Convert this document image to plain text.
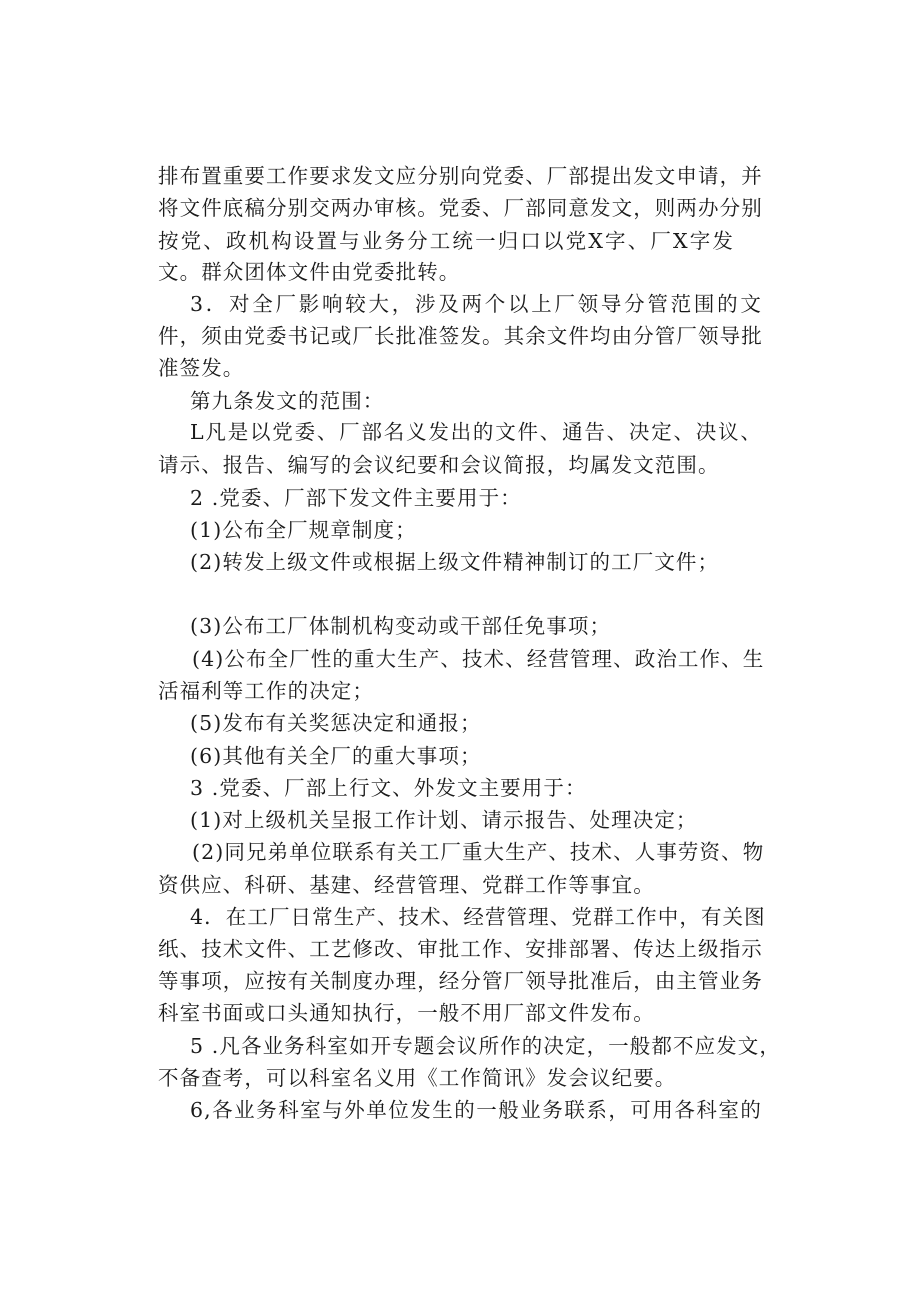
排布置重要工作要求发文应分别向党委、厂部提出发文申请，并
将文件底稿分别交两办审核。党委、厂部同意发文，则两办分别
按党、政机构设置与业务分工统一归口以党X字、厂X字发
文。群众团体文件由党委批转。
3．对全厂影响较大，涉及两个以上厂领导分管范围的文
件，须由党委书记或厂长批准签发。其余文件均由分管厂领导批
准签发。
第九条发文的范围：
L凡是以党委、厂部名义发出的文件、通告、决定、决议、
请示、报告、编写的会议纪要和会议简报，均属发文范围。
2 .党委、厂部下发文件主要用于：
(1)公布全厂规章制度；
(2)转发上级文件或根据上级文件精神制订的工厂文件；
(3)公布工厂体制机构变动或干部任免事项；
(4)公布全厂性的重大生产、技术、经营管理、政治工作、生
活福利等工作的决定；
(5)发布有关奖惩决定和通报；
(6)其他有关全厂的重大事项；
3 .党委、厂部上行文、外发文主要用于：
(1)对上级机关呈报工作计划、请示报告、处理决定；
(2)同兄弟单位联系有关工厂重大生产、技术、人事劳资、物
资供应、科研、基建、经营管理、党群工作等事宜。
4．在工厂日常生产、技术、经营管理、党群工作中，有关图
纸、技术文件、工艺修改、审批工作、安排部署、传达上级指示
等事项，应按有关制度办理，经分管厂领导批准后，由主管业务
科室书面或口头通知执行，一般不用厂部文件发布。
5 .凡各业务科室如开专题会议所作的决定，一般都不应发文，
不备查考，可以科室名义用《工作简讯》发会议纪要。
6,各业务科室与外单位发生的一般业务联系，可用各科室的
